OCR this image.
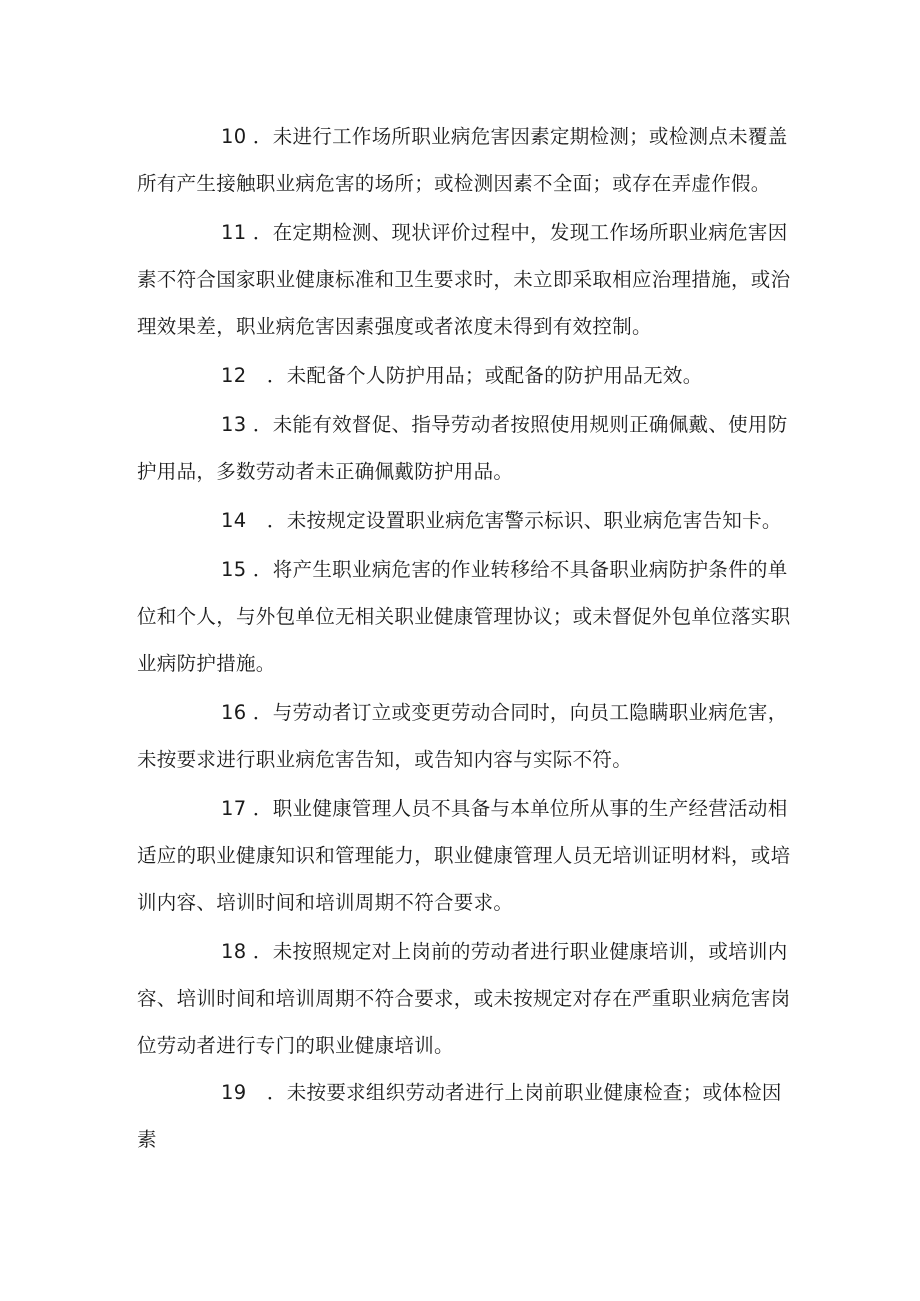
10 ．未进行工作场所职业病危害因素定期检测；或检测点未覆盖所有产生接触职业病危害的场所；或检测因素不全面；或存在弄虚作假。

11 ．在定期检测、现状评价过程中，发现工作场所职业病危害因素不符合国家职业健康标准和卫生要求时，未立即采取相应治理措施，或治理效果差，职业病危害因素强度或者浓度未得到有效控制。

12 ．未配备个人防护用品；或配备的防护用品无效。

13 ．未能有效督促、指导劳动者按照使用规则正确佩戴、使用防护用品，多数劳动者未正确佩戴防护用品。

14 ．未按规定设置职业病危害警示标识、职业病危害告知卡。

15 ．将产生职业病危害的作业转移给不具备职业病防护条件的单位和个人，与外包单位无相关职业健康管理协议；或未督促外包单位落实职业病防护措施。

16 ．与劳动者订立或变更劳动合同时，向员工隐瞒职业病危害，未按要求进行职业病危害告知，或告知内容与实际不符。

17 ．职业健康管理人员不具备与本单位所从事的生产经营活动相适应的职业健康知识和管理能力，职业健康管理人员无培训证明材料，或培训内容、培训时间和培训周期不符合要求。

18 ．未按照规定对上岗前的劳动者进行职业健康培训，或培训内容、培训时间和培训周期不符合要求，或未按规定对存在严重职业病危害岗位劳动者进行专门的职业健康培训。

19 ．未按要求组织劳动者进行上岗前职业健康检查；或体检因素
